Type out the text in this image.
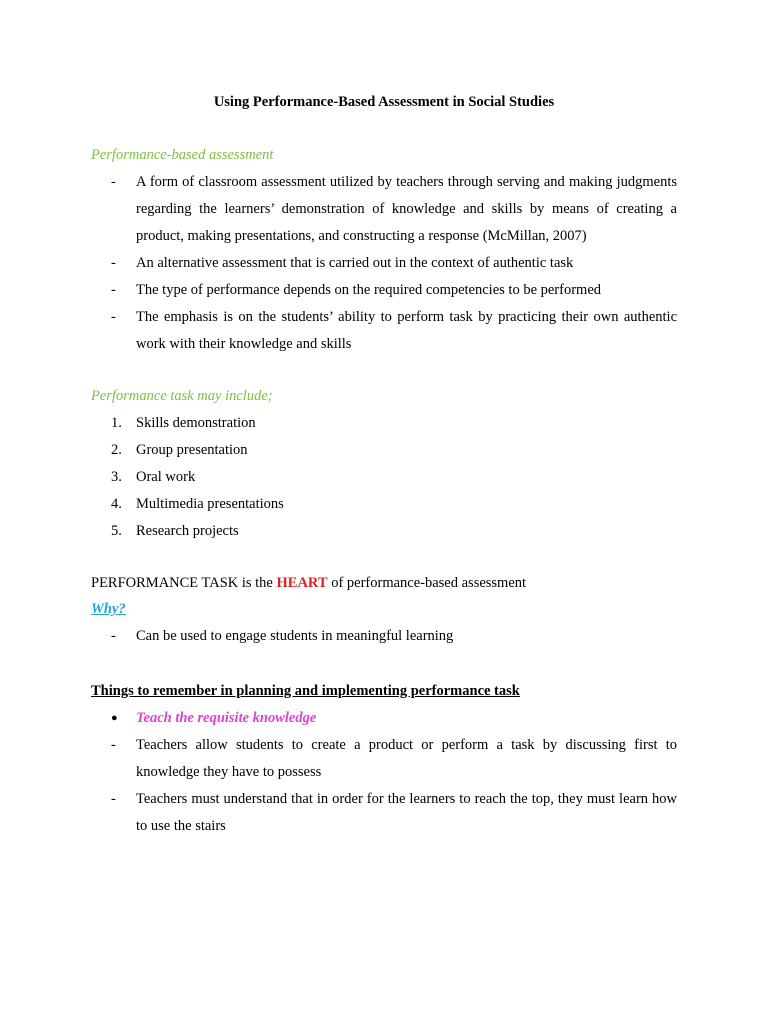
Using Performance-Based Assessment in Social Studies
Performance-based assessment
- A form of classroom assessment utilized by teachers through serving and making judgments regarding the learners’ demonstration of knowledge and skills by means of creating a product, making presentations, and constructing a response (McMillan, 2007)
- An alternative assessment that is carried out in the context of authentic task
- The type of performance depends on the required competencies to be performed
- The emphasis is on the students’ ability to perform task by practicing their own authentic work with their knowledge and skills
Performance task may include;
1. Skills demonstration
2. Group presentation
3. Oral work
4. Multimedia presentations
5. Research projects
PERFORMANCE TASK is the HEART of performance-based assessment
Why?
- Can be used to engage students in meaningful learning
Things to remember in planning and implementing performance task
● Teach the requisite knowledge
- Teachers allow students to create a product or perform a task by discussing first to knowledge they have to possess
- Teachers must understand that in order for the learners to reach the top, they must learn how to use the stairs
